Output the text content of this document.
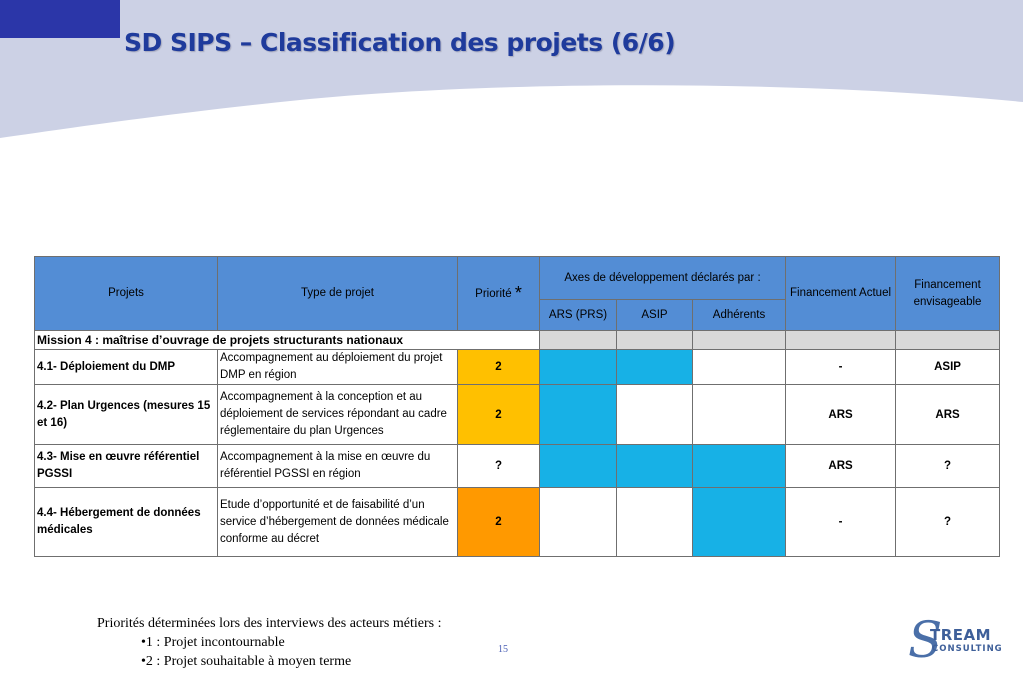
SD SIPS – Classification des projets (6/6)
Projets	Type de projet	Priorité *	Axes de développement déclarés par :			Financement Actuel	Financement envisageable
			ARS (PRS)	ASIP	Adhérents		
Mission 4 : maîtrise d’ouvrage de projets structurants nationaux							
4.1- Déploiement du DMP	Accompagnement au déploiement du projet DMP en région	2				-	ASIP
4.2- Plan Urgences (mesures 15 et 16)	Accompagnement à la conception et au déploiement de services répondant au cadre réglementaire du plan Urgences	2				ARS	ARS
4.3- Mise en œuvre référentiel PGSSI	Accompagnement à la mise en œuvre du référentiel PGSSI en région	?				ARS	?
4.4- Hébergement de données médicales	Etude d’opportunité et de faisabilité d’un service d’hébergement de données médicale conforme au décret	2				-	?
Priorités déterminées lors des interviews des acteurs métiers :
•1 : Projet incontournable
•2 : Projet souhaitable à moyen terme
15	S
TREAM
CONSULTING
